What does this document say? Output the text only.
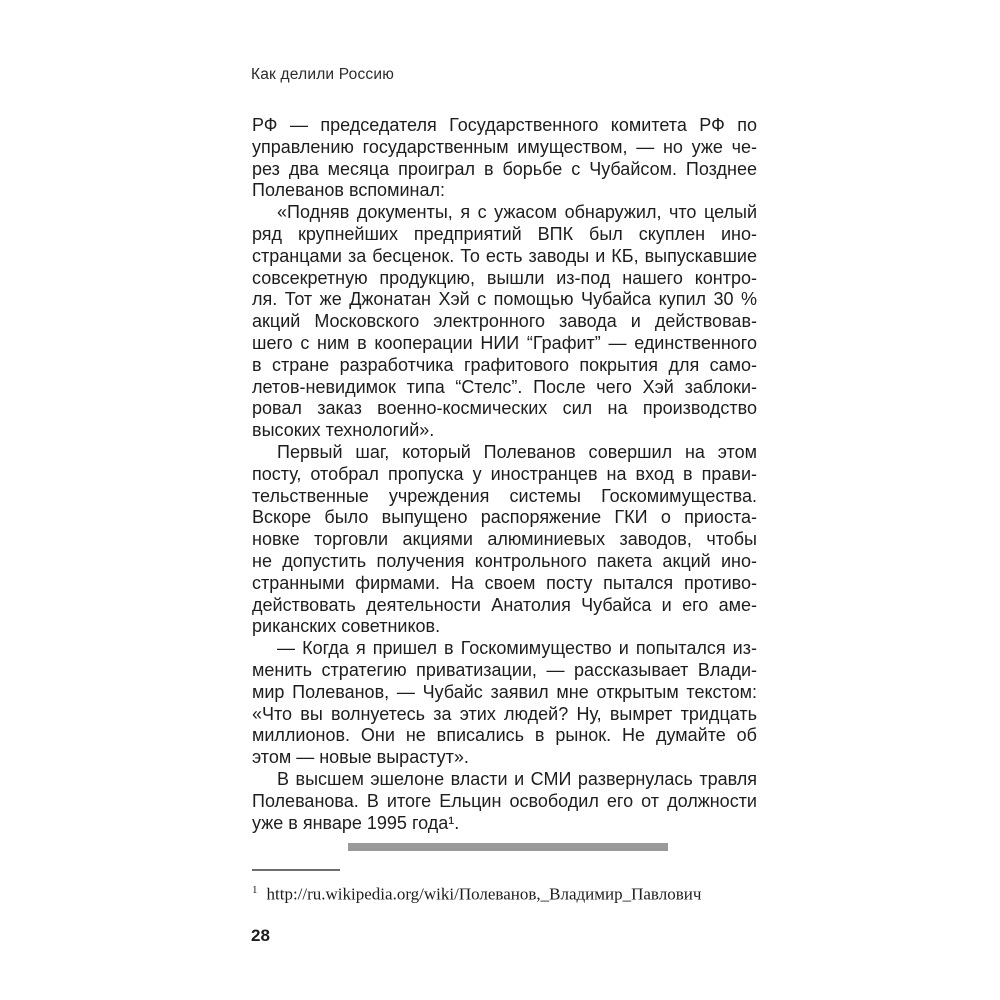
Как делили Россию
РФ — председателя Государственного комитета РФ по
управлению государственным имуществом, — но уже че-
рез два месяца проиграл в борьбе с Чубайсом. Позднее
Полеванов вспоминал:
«Подняв документы, я с ужасом обнаружил, что целый
ряд крупнейших предприятий ВПК был скуплен ино-
странцами за бесценок. То есть заводы и КБ, выпускавшие
совсекретную продукцию, вышли из-под нашего контро-
ля. Тот же Джонатан Хэй с помощью Чубайса купил 30 %
акций Московского электронного завода и действовав-
шего с ним в кооперации НИИ “Графит” — единственного
в стране разработчика графитового покрытия для само-
летов-невидимок типа “Стелс”. После чего Хэй заблоки-
ровал заказ военно-космических сил на производство
высоких технологий».
Первый шаг, который Полеванов совершил на этом
посту, отобрал пропуска у иностранцев на вход в прави-
тельственные учреждения системы Госкомимущества.
Вскоре было выпущено распоряжение ГКИ о приоста-
новке торговли акциями алюминиевых заводов, чтобы
не допустить получения контрольного пакета акций ино-
странными фирмами. На своем посту пытался противо-
действовать деятельности Анатолия Чубайса и его аме-
риканских советников.
— Когда я пришел в Госкомимущество и попытался из-
менить стратегию приватизации, — рассказывает Влади-
мир Полеванов, — Чубайс заявил мне открытым текстом:
«Что вы волнуетесь за этих людей? Ну, вымрет тридцать
миллионов. Они не вписались в рынок. Не думайте об
этом — новые вырастут».
В высшем эшелоне власти и СМИ развернулась травля
Полеванова. В итоге Ельцин освободил его от должности
уже в январе 1995 года¹.
$^1$ http://ru.wikipedia.org/wiki/Полеванов,_Владимир_Павлович
28
